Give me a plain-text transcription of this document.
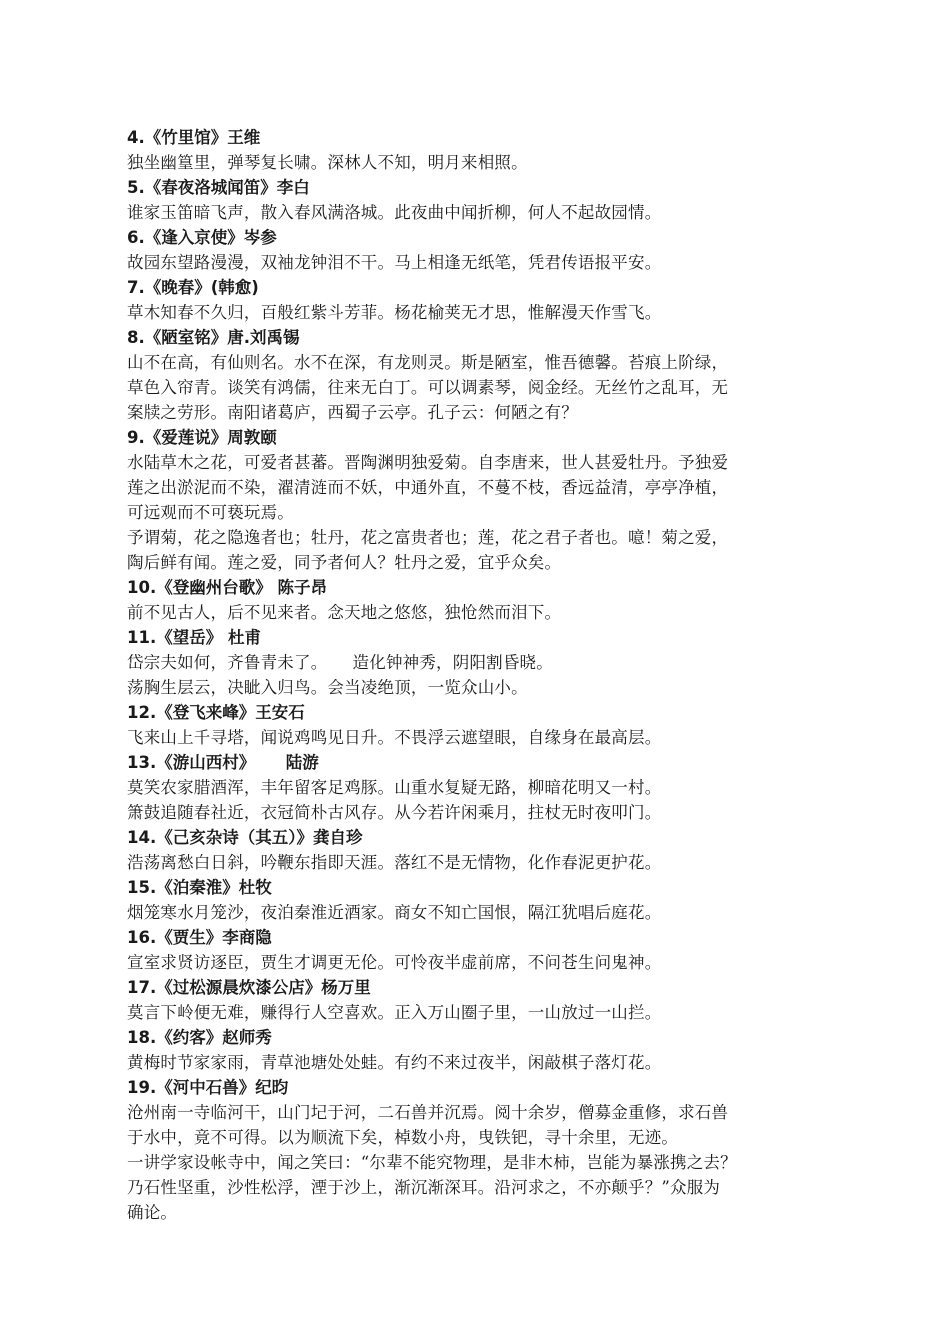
4.《竹里馆》王维
独坐幽篁里，弹琴复长啸。深林人不知，明月来相照。
5.《春夜洛城闻笛》李白
谁家玉笛暗飞声，散入春风满洛城。此夜曲中闻折柳，何人不起故园情。
6.《逢入京使》岑参
故园东望路漫漫，双袖龙钟泪不干。马上相逢无纸笔，凭君传语报平安。
7.《晚春》(韩愈)
草木知春不久归，百般红紫斗芳菲。杨花榆荚无才思，惟解漫天作雪飞。
8.《陋室铭》唐.刘禹锡
山不在高，有仙则名。水不在深，有龙则灵。斯是陋室，惟吾德馨。苔痕上阶绿，
草色入帘青。谈笑有鸿儒，往来无白丁。可以调素琴，阅金经。无丝竹之乱耳，无
案牍之劳形。南阳诸葛庐，西蜀子云亭。孔子云：何陋之有？
9.《爱莲说》周敦颐
水陆草木之花，可爱者甚蕃。晋陶渊明独爱菊。自李唐来，世人甚爱牡丹。予独爱
莲之出淤泥而不染，濯清涟而不妖，中通外直，不蔓不枝，香远益清，亭亭净植，
可远观而不可亵玩焉。
予谓菊，花之隐逸者也；牡丹，花之富贵者也；莲，花之君子者也。噫！菊之爱，
陶后鲜有闻。莲之爱，同予者何人？牡丹之爱，宜乎众矣。
10.《登幽州台歌》 陈子昂
前不见古人，后不见来者。念天地之悠悠，独怆然而泪下。
11.《望岳》 杜甫
岱宗夫如何，齐鲁青未了。　　造化钟神秀，阴阳割昏晓。
荡胸生层云，决眦入归鸟。会当凌绝顶，一览众山小。
12.《登飞来峰》王安石
飞来山上千寻塔，闻说鸡鸣见日升。不畏浮云遮望眼，自缘身在最高层。
13.《游山西村》　　 陆游
莫笑农家腊酒浑，丰年留客足鸡豚。山重水复疑无路，柳暗花明又一村。
箫鼓追随春社近，衣冠简朴古风存。从今若许闲乘月，拄杖无时夜叩门。
14.《己亥杂诗（其五）》龚自珍
浩荡离愁白日斜，吟鞭东指即天涯。落红不是无情物，化作春泥更护花。
15.《泊秦淮》杜牧
烟笼寒水月笼沙，夜泊秦淮近酒家。商女不知亡国恨，隔江犹唱后庭花。
16.《贾生》李商隐
宣室求贤访逐臣，贾生才调更无伦。可怜夜半虚前席，不问苍生问鬼神。
17.《过松源晨炊漆公店》杨万里
莫言下岭便无难，赚得行人空喜欢。正入万山圈子里，一山放过一山拦。
18.《约客》赵师秀
黄梅时节家家雨，青草池塘处处蛙。有约不来过夜半，闲敲棋子落灯花。
19.《河中石兽》纪昀
沧州南一寺临河干，山门圮于河，二石兽并沉焉。阅十余岁，僧募金重修，求石兽
于水中，竟不可得。以为顺流下矣，棹数小舟，曳铁钯，寻十余里，无迹。
一讲学家设帐寺中，闻之笑曰：“尔辈不能究物理，是非木柿，岂能为暴涨携之去？
乃石性坚重，沙性松浮，湮于沙上，渐沉渐深耳。沿河求之，不亦颠乎？”众服为
确论。
